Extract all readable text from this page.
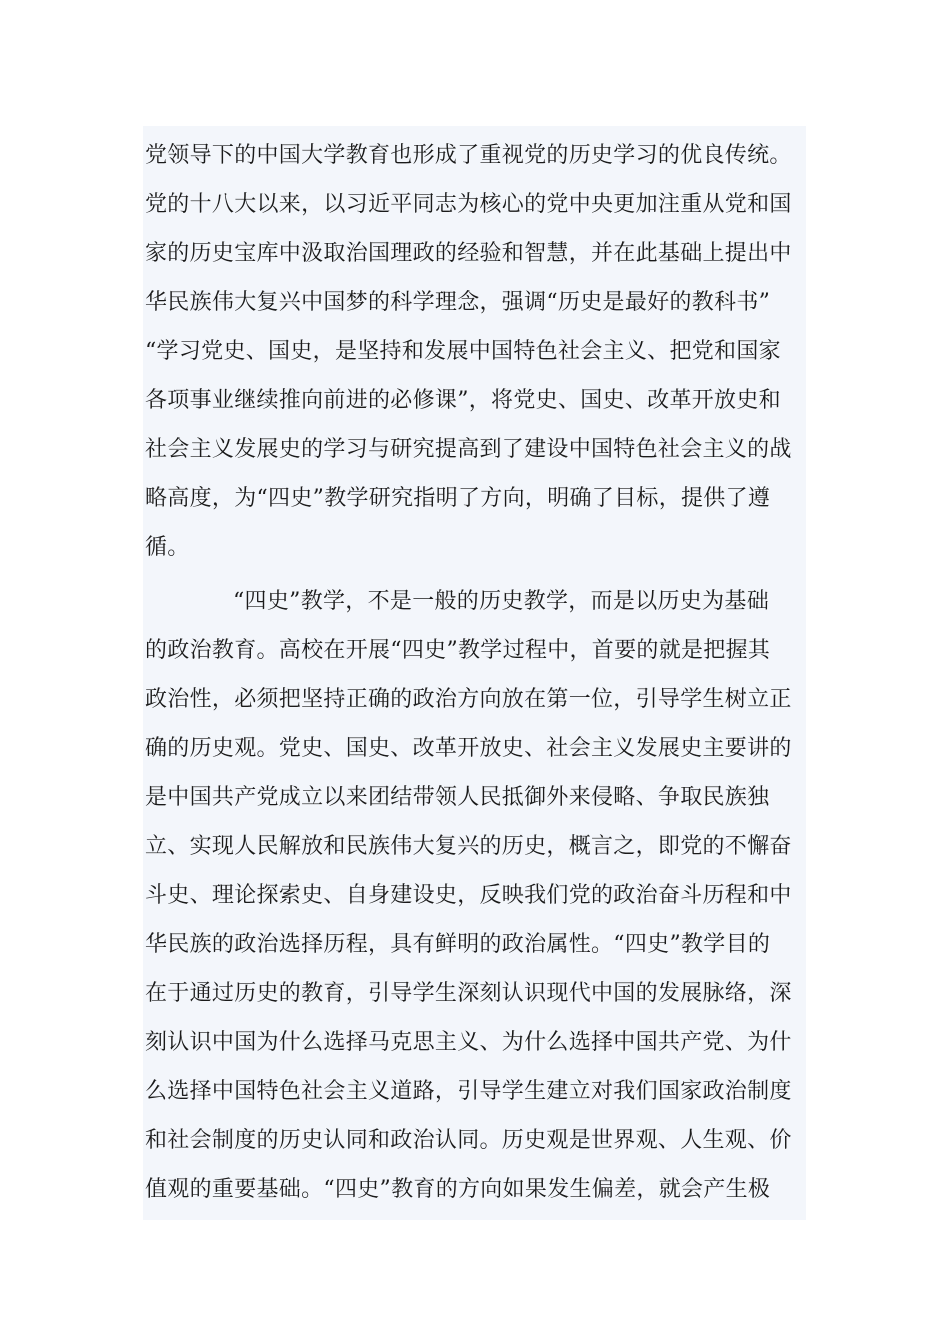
党领导下的中国大学教育也形成了重视党的历史学习的优良传统。
党的十八大以来，以习近平同志为核心的党中央更加注重从党和国
家的历史宝库中汲取治国理政的经验和智慧，并在此基础上提出中
华民族伟大复兴中国梦的科学理念，强调“历史是最好的教科书”
“学习党史、国史，是坚持和发展中国特色社会主义、把党和国家
各项事业继续推向前进的必修课”，将党史、国史、改革开放史和
社会主义发展史的学习与研究提高到了建设中国特色社会主义的战
略高度，为“四史”教学研究指明了方向，明确了目标，提供了遵
循。
“四史”教学，不是一般的历史教学，而是以历史为基础
的政治教育。高校在开展“四史”教学过程中，首要的就是把握其
政治性，必须把坚持正确的政治方向放在第一位，引导学生树立正
确的历史观。党史、国史、改革开放史、社会主义发展史主要讲的
是中国共产党成立以来团结带领人民抵御外来侵略、争取民族独
立、实现人民解放和民族伟大复兴的历史，概言之，即党的不懈奋
斗史、理论探索史、自身建设史，反映我们党的政治奋斗历程和中
华民族的政治选择历程，具有鲜明的政治属性。“四史”教学目的
在于通过历史的教育，引导学生深刻认识现代中国的发展脉络，深
刻认识中国为什么选择马克思主义、为什么选择中国共产党、为什
么选择中国特色社会主义道路，引导学生建立对我们国家政治制度
和社会制度的历史认同和政治认同。历史观是世界观、人生观、价
值观的重要基础。“四史”教育的方向如果发生偏差，就会产生极
